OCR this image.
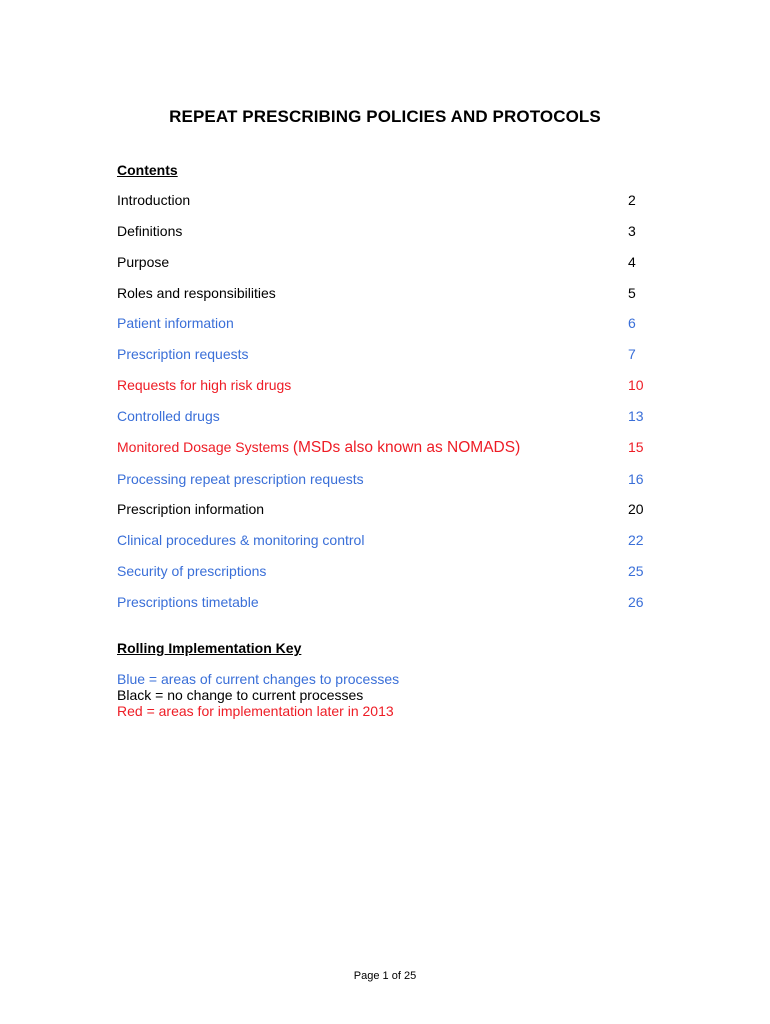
REPEAT PRESCRIBING POLICIES AND PROTOCOLS
Contents
Introduction	2
Definitions	3
Purpose	4
Roles and responsibilities	5
Patient information	6
Prescription requests	7
Requests for high risk drugs	10
Controlled drugs	13
Monitored Dosage Systems (MSDs also known as NOMADS)	15
Processing repeat prescription requests	16
Prescription information	20
Clinical procedures & monitoring control	22
Security of prescriptions	25
Prescriptions timetable	26
Rolling Implementation Key
Blue = areas of current changes to processes
Black = no change to current processes
Red = areas for implementation later in 2013
Page 1 of 25
